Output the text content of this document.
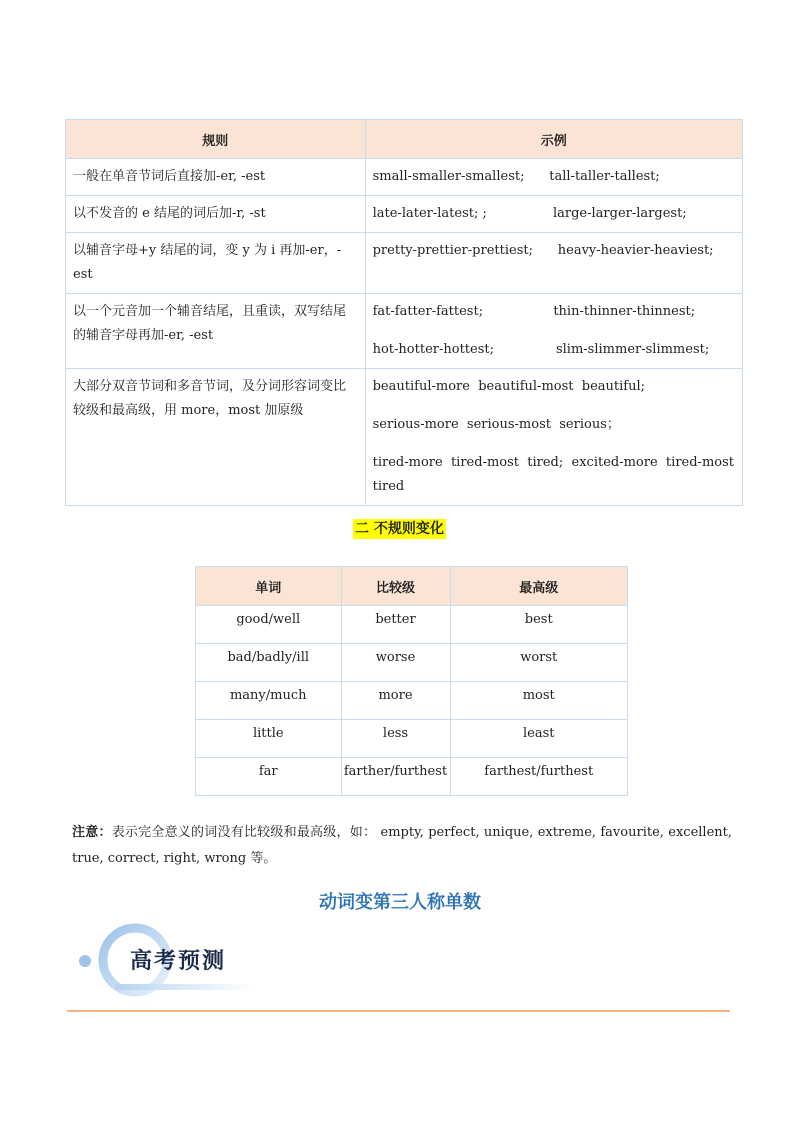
规则	示例
一般在单音节词后直接加-er, -est	small-smaller-smallest;      tall-taller-tallest;

以不发音的 e 结尾的词后加-r, -st	late-later-latest; ;                large-larger-largest;

以辅音字母+y 结尾的词，变 y 为 i 再加-er，-est	pretty-prettier-prettiest;      heavy-heavier-heaviest;

以一个元音加一个辅音结尾，且重读，双写结尾的辅音字母再加-er, -est	fat-fatter-fattest;                 thin-thinner-thinnest;
hot-hotter-hottest;               slim-slimmer-slimmest;

大部分双音节词和多音节词，及分词形容词变比较级和最高级，用 more，most 加原级	beautiful-more  beautiful-most  beautiful;
serious-more  serious-most  serious；
tired-more  tired-most  tired;  excited-more  tired-most
tired
二 不规则变化
单词	比较级	最高级
good/well	better	best
bad/badly/ill	worse	worst
many/much	more	most
little	less	least
far	farther/furthest	farthest/furthest
注意：表示完全意义的词没有比较级和最高级，如： empty, perfect, unique, extreme, favourite, excellent, true, correct, right, wrong 等。
动词变第三人称单数
高考预测
